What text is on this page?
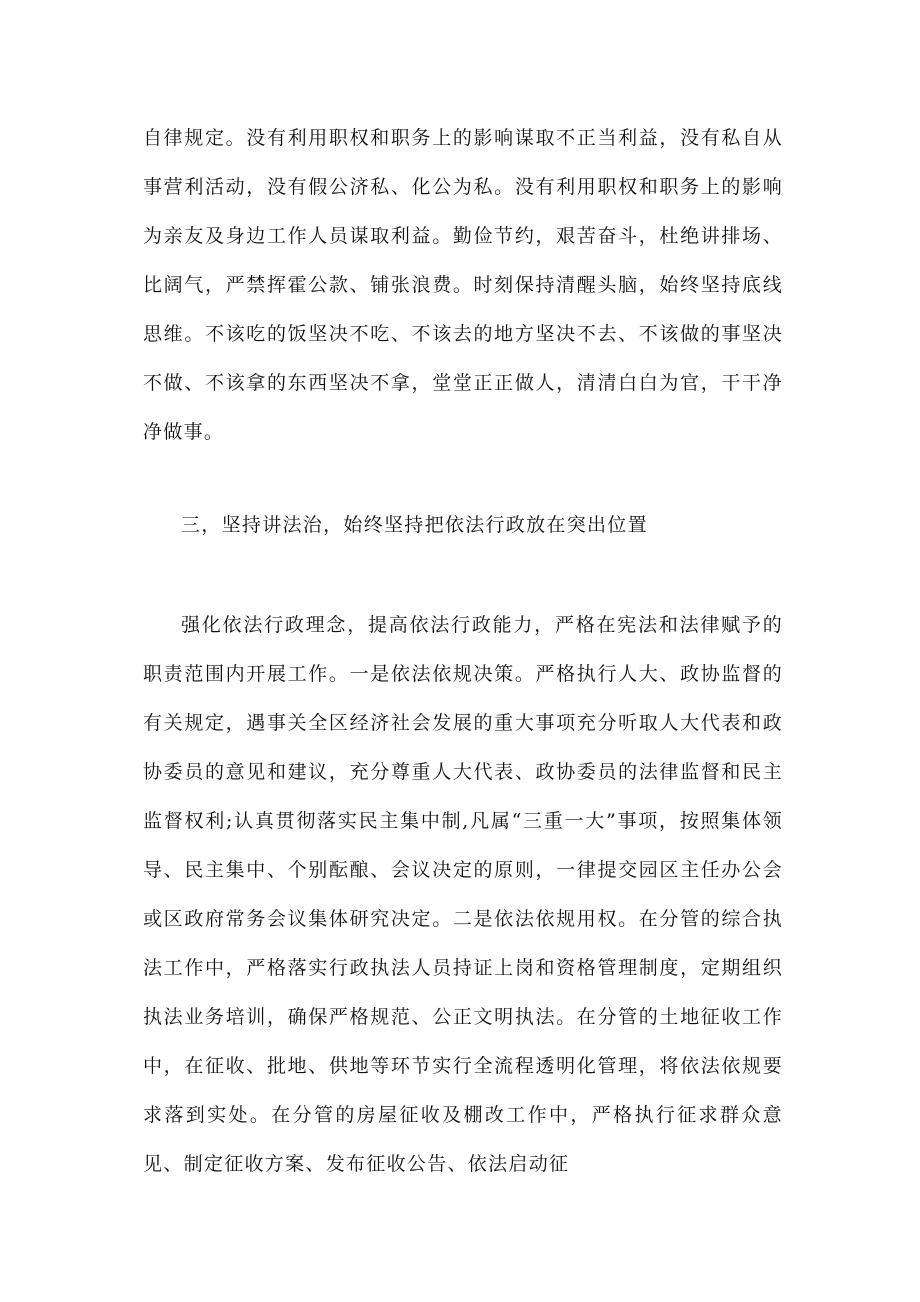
自律规定。没有利用职权和职务上的影响谋取不正当利益，没有私自从事营利活动，没有假公济私、化公为私。没有利用职权和职务上的影响为亲友及身边工作人员谋取利益。勤俭节约，艰苦奋斗，杜绝讲排场、比阔气，严禁挥霍公款、铺张浪费。时刻保持清醒头脑，始终坚持底线思维。不该吃的饭坚决不吃、不该去的地方坚决不去、不该做的事坚决不做、不该拿的东西坚决不拿，堂堂正正做人，清清白白为官，干干净净做事。

三，坚持讲法治，始终坚持把依法行政放在突出位置

强化依法行政理念，提高依法行政能力，严格在宪法和法律赋予的职责范围内开展工作。一是依法依规决策。严格执行人大、政协监督的有关规定，遇事关全区经济社会发展的重大事项充分听取人大代表和政协委员的意见和建议，充分尊重人大代表、政协委员的法律监督和民主监督权利;认真贯彻落实民主集中制,凡属“三重一大”事项，按照集体领导、民主集中、个别酝酿、会议决定的原则，一律提交园区主任办公会或区政府常务会议集体研究决定。二是依法依规用权。在分管的综合执法工作中，严格落实行政执法人员持证上岗和资格管理制度，定期组织执法业务培训，确保严格规范、公正文明执法。在分管的土地征收工作中，在征收、批地、供地等环节实行全流程透明化管理，将依法依规要求落到实处。在分管的房屋征收及棚改工作中，严格执行征求群众意见、制定征收方案、发布征收公告、依法启动征
